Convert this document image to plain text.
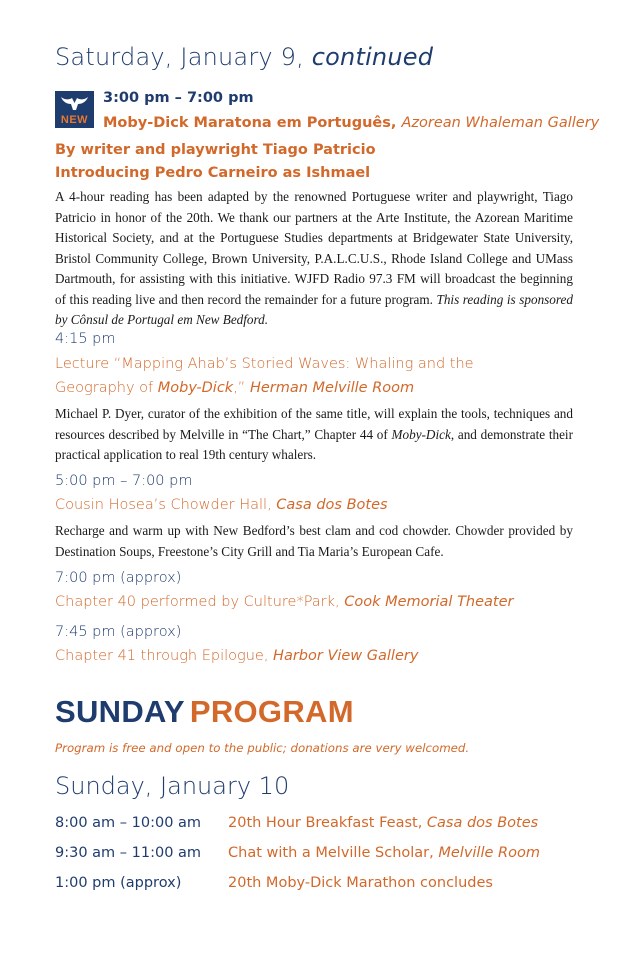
Saturday, January 9, continued
NEW
3:00 pm – 7:00 pm
Moby-Dick Maratona em Português, Azorean Whaleman Gallery
By writer and playwright Tiago Patricio
Introducing Pedro Carneiro as Ishmael
A 4-hour reading has been adapted by the renowned Portuguese writer and playwright, Tiago Patricio in honor of the 20th. We thank our partners at the Arte Institute, the Azorean Maritime Historical Society, and at the Portuguese Studies departments at Bridgewater State University, Bristol Community College, Brown University, P.A.L.C.U.S., Rhode Island College and UMass Dartmouth, for assisting with this initiative. WJFD Radio 97.3 FM will broadcast the beginning of this reading live and then record the remainder for a future program. This reading is sponsored by Cônsul de Portugal em New Bedford.
4:15 pm
Lecture “Mapping Ahab’s Storied Waves: Whaling and the
Geography of Moby-Dick,” Herman Melville Room
Michael P. Dyer, curator of the exhibition of the same title, will explain the tools, techniques and resources described by Melville in “The Chart,” Chapter 44 of Moby-Dick, and demonstrate their practical application to real 19th century whalers.
5:00 pm – 7:00 pm
Cousin Hosea’s Chowder Hall, Casa dos Botes
Recharge and warm up with New Bedford’s best clam and cod chowder. Chowder provided by Destination Soups, Freestone’s City Grill and Tia Maria’s European Cafe.
7:00 pm (approx)
Chapter 40 performed by Culture*Park, Cook Memorial Theater
7:45 pm (approx)
Chapter 41 through Epilogue, Harbor View Gallery
SUNDAY PROGRAM
Program is free and open to the public; donations are very welcomed.
Sunday, January 10
8:00 am – 10:00 am 20th Hour Breakfast Feast, Casa dos Botes
9:30 am – 11:00 am Chat with a Melville Scholar, Melville Room
1:00 pm (approx)	20th Moby-Dick Marathon concludes
